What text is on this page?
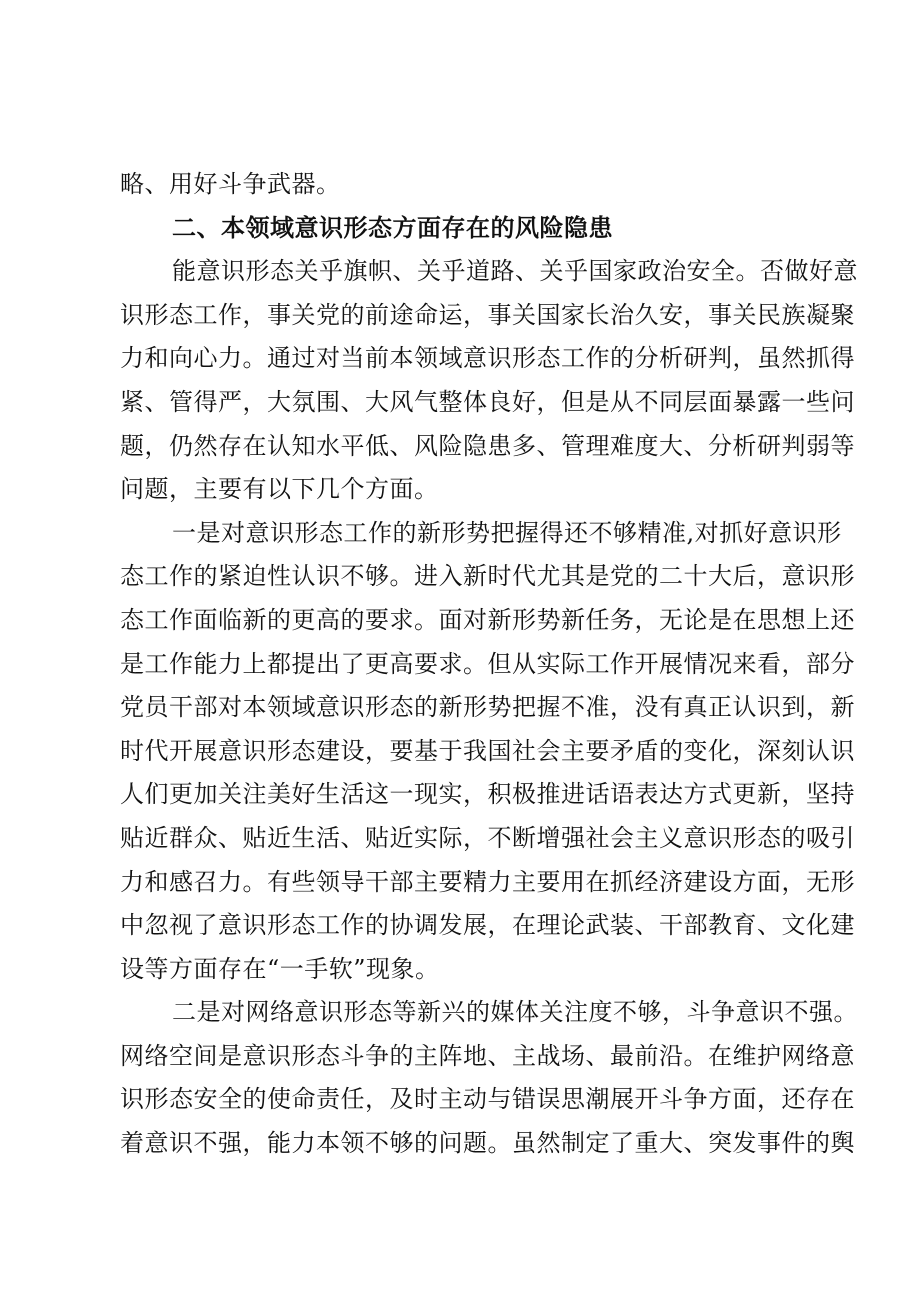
略、用好斗争武器。
二、本领域意识形态方面存在的风险隐患
能意识形态关乎旗帜、关乎道路、关乎国家政治安全。否做好意
识形态工作，事关党的前途命运，事关国家长治久安，事关民族凝聚
力和向心力。通过对当前本领域意识形态工作的分析研判，虽然抓得
紧、管得严，大氛围、大风气整体良好，但是从不同层面暴露一些问
题，仍然存在认知水平低、风险隐患多、管理难度大、分析研判弱等
问题，主要有以下几个方面。
一是对意识形态工作的新形势把握得还不够精准,对抓好意识形
态工作的紧迫性认识不够。进入新时代尤其是党的二十大后，意识形
态工作面临新的更高的要求。面对新形势新任务，无论是在思想上还
是工作能力上都提出了更高要求。但从实际工作开展情况来看，部分
党员干部对本领域意识形态的新形势把握不准，没有真正认识到，新
时代开展意识形态建设，要基于我国社会主要矛盾的变化，深刻认识
人们更加关注美好生活这一现实，积极推进话语表达方式更新，坚持
贴近群众、贴近生活、贴近实际，不断增强社会主义意识形态的吸引
力和感召力。有些领导干部主要精力主要用在抓经济建设方面，无形
中忽视了意识形态工作的协调发展，在理论武装、干部教育、文化建
设等方面存在“一手软”现象。
二是对网络意识形态等新兴的媒体关注度不够，斗争意识不强。
网络空间是意识形态斗争的主阵地、主战场、最前沿。在维护网络意
识形态安全的使命责任，及时主动与错误思潮展开斗争方面，还存在
着意识不强，能力本领不够的问题。虽然制定了重大、突发事件的舆
